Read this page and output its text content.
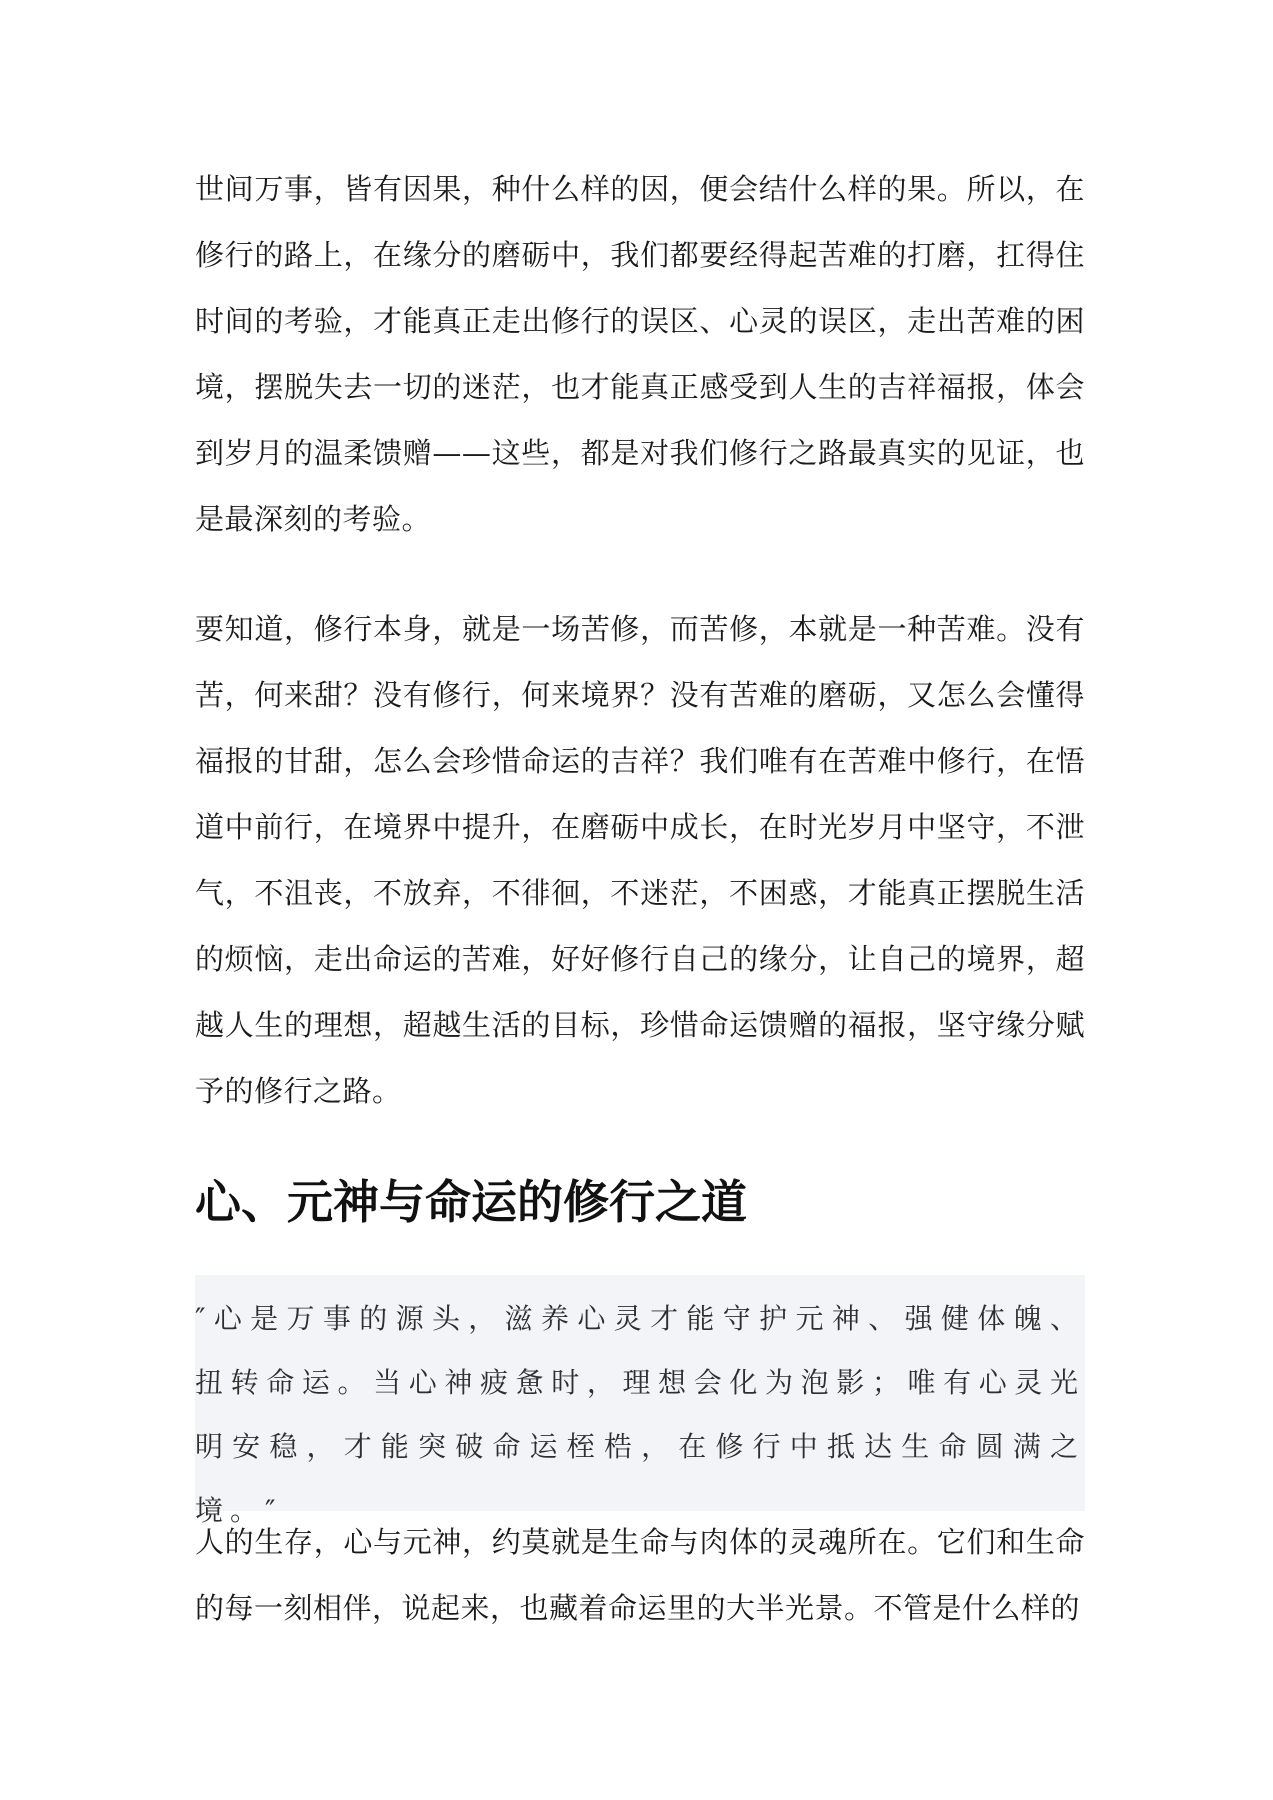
世间万事，皆有因果，种什么样的因，便会结什么样的果。所以，在修行的路上，在缘分的磨砺中，我们都要经得起苦难的打磨，扛得住时间的考验，才能真正走出修行的误区、心灵的误区，走出苦难的困境，摆脱失去一切的迷茫，也才能真正感受到人生的吉祥福报，体会到岁月的温柔馈赠——这些，都是对我们修行之路最真实的见证，也是最深刻的考验。

要知道，修行本身，就是一场苦修，而苦修，本就是一种苦难。没有苦，何来甜？没有修行，何来境界？没有苦难的磨砺，又怎么会懂得福报的甘甜，怎么会珍惜命运的吉祥？我们唯有在苦难中修行，在悟道中前行，在境界中提升，在磨砺中成长，在时光岁月中坚守，不泄气，不沮丧，不放弃，不徘徊，不迷茫，不困惑，才能真正摆脱生活的烦恼，走出命运的苦难，好好修行自己的缘分，让自己的境界，超越人生的理想，超越生活的目标，珍惜命运馈赠的福报，坚守缘分赋予的修行之路。

心、元神与命运的修行之道

″心是万事的源头，滋养心灵才能守护元神、强健体魄、扭转命运。当心神疲惫时，理想会化为泡影；唯有心灵光明安稳，才能突破命运桎梏，在修行中抵达生命圆满之境。″

人的生存，心与元神，约莫就是生命与肉体的灵魂所在。它们和生命的每一刻相伴，说起来，也藏着命运里的大半光景。不管是什么样的
